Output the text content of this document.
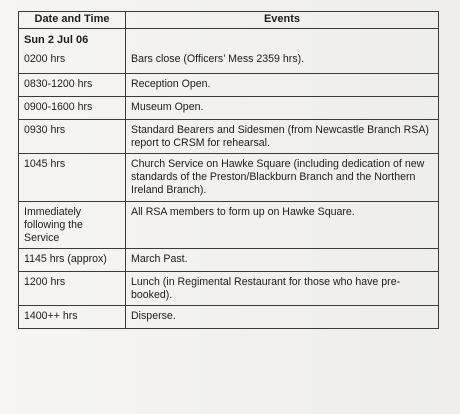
Date and Time	Events

Sun 2 Jul 06
0200 hrs	Bars close (Officers’ Mess 2359 hrs).
0830-1200 hrs	Reception Open.
0900-1600 hrs	Museum Open.
0930 hrs	Standard Bearers and Sidesmen (from Newcastle Branch RSA) report to CRSM for rehearsal.
1045 hrs	Church Service on Hawke Square (including dedication of new standards of the Preston/Blackburn Branch and the Northern Ireland Branch).
Immediately following the Service	All RSA members to form up on Hawke Square.
1145 hrs (approx)	March Past.
1200 hrs	Lunch (in Regimental Restaurant for those who have pre-booked).
1400++ hrs	Disperse.
